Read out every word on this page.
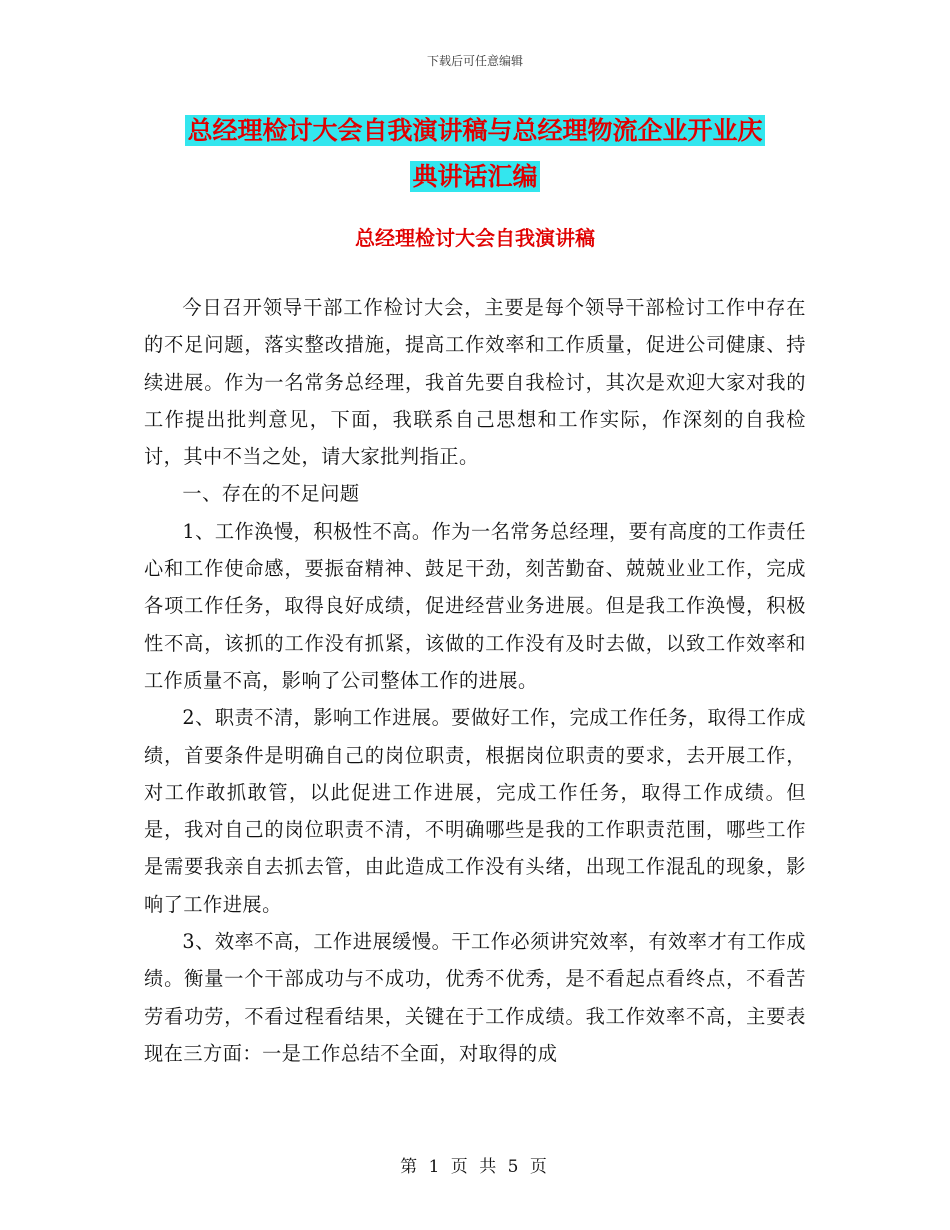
下载后可任意编辑
总经理检讨大会自我演讲稿与总经理物流企业开业庆
典讲话汇编
总经理检讨大会自我演讲稿

今日召开领导干部工作检讨大会，主要是每个领导干部检讨工作中存在的不足问题，落实整改措施，提高工作效率和工作质量，促进公司健康、持续进展。作为一名常务总经理，我首先要自我检讨，其次是欢迎大家对我的工作提出批判意见，下面，我联系自己思想和工作实际，作深刻的自我检讨，其中不当之处，请大家批判指正。

一、存在的不足问题

1、工作涣慢，积极性不高。作为一名常务总经理，要有高度的工作责任心和工作使命感，要振奋精神、鼓足干劲，刻苦勤奋、兢兢业业工作，完成各项工作任务，取得良好成绩，促进经营业务进展。但是我工作涣慢，积极性不高，该抓的工作没有抓紧，该做的工作没有及时去做，以致工作效率和工作质量不高，影响了公司整体工作的进展。

2、职责不清，影响工作进展。要做好工作，完成工作任务，取得工作成绩，首要条件是明确自己的岗位职责，根据岗位职责的要求，去开展工作，对工作敢抓敢管，以此促进工作进展，完成工作任务，取得工作成绩。但是，我对自己的岗位职责不清，不明确哪些是我的工作职责范围，哪些工作是需要我亲自去抓去管，由此造成工作没有头绪，出现工作混乱的现象，影响了工作进展。

3、效率不高，工作进展缓慢。干工作必须讲究效率，有效率才有工作成绩。衡量一个干部成功与不成功，优秀不优秀，是不看起点看终点，不看苦劳看功劳，不看过程看结果，关键在于工作成绩。我工作效率不高，主要表现在三方面：一是工作总结不全面，对取得的成

第 1 页 共 5 页
